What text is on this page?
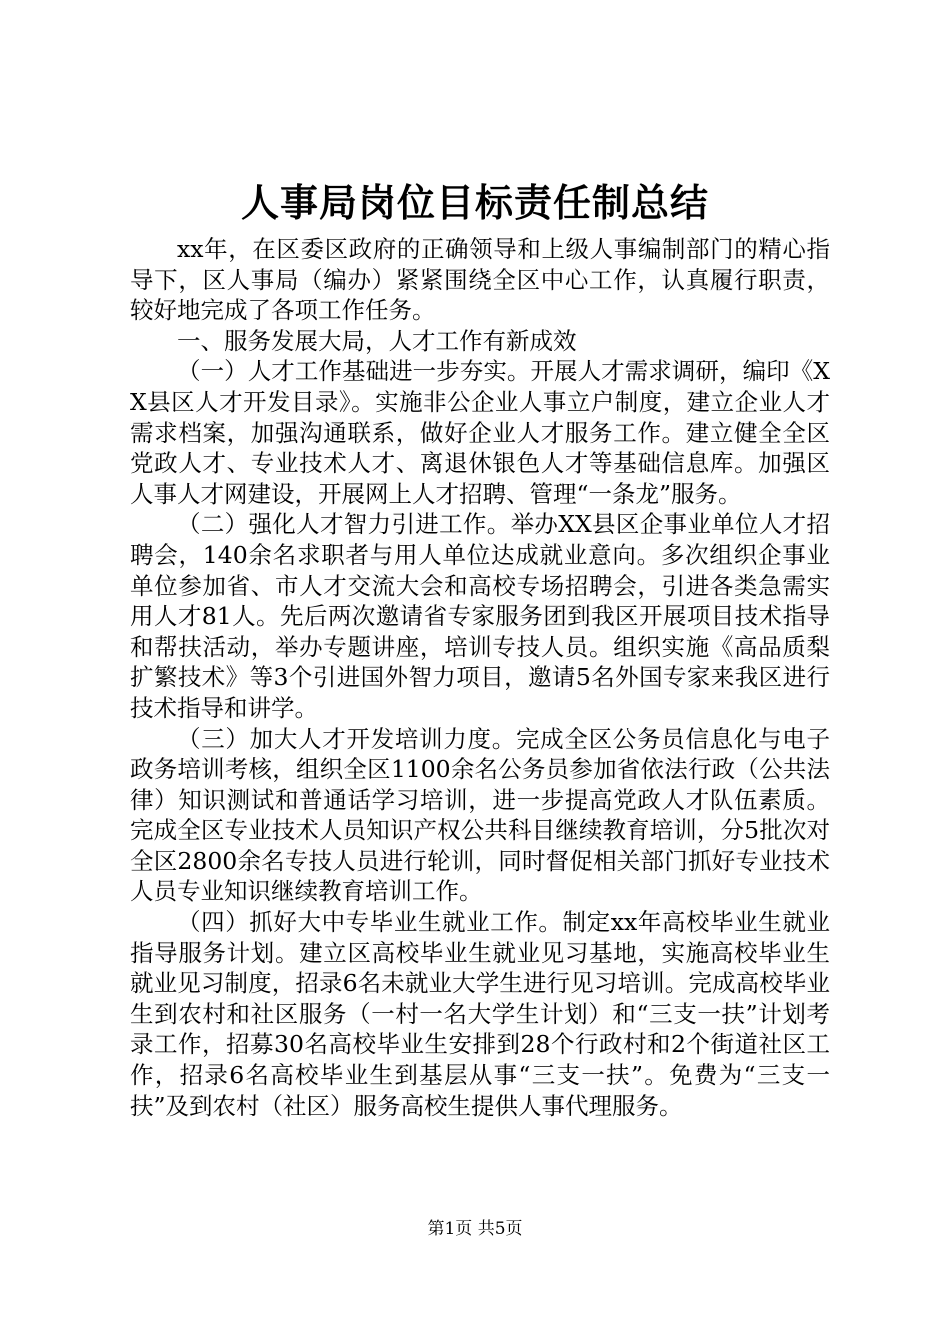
人事局岗位目标责任制总结

xx年，在区委区政府的正确领导和上级人事编制部门的精心指导下，区人事局（编办）紧紧围绕全区中心工作，认真履行职责，较好地完成了各项工作任务。

一、服务发展大局，人才工作有新成效

（一）人才工作基础进一步夯实。开展人才需求调研，编印《XX县区人才开发目录》。实施非公企业人事立户制度，建立企业人才需求档案，加强沟通联系，做好企业人才服务工作。建立健全全区党政人才、专业技术人才、离退休银色人才等基础信息库。加强区人事人才网建设，开展网上人才招聘、管理“一条龙”服务。

（二）强化人才智力引进工作。举办XX县区企事业单位人才招聘会，140余名求职者与用人单位达成就业意向。多次组织企事业单位参加省、市人才交流大会和高校专场招聘会，引进各类急需实用人才81人。先后两次邀请省专家服务团到我区开展项目技术指导和帮扶活动，举办专题讲座，培训专技人员。组织实施《高品质梨扩繁技术》等3个引进国外智力项目，邀请5名外国专家来我区进行技术指导和讲学。

（三）加大人才开发培训力度。完成全区公务员信息化与电子政务培训考核，组织全区1100余名公务员参加省依法行政（公共法律）知识测试和普通话学习培训，进一步提高党政人才队伍素质。完成全区专业技术人员知识产权公共科目继续教育培训，分5批次对全区2800余名专技人员进行轮训，同时督促相关部门抓好专业技术人员专业知识继续教育培训工作。

（四）抓好大中专毕业生就业工作。制定xx年高校毕业生就业指导服务计划。建立区高校毕业生就业见习基地，实施高校毕业生就业见习制度，招录6名未就业大学生进行见习培训。完成高校毕业生到农村和社区服务（一村一名大学生计划）和“三支一扶”计划考录工作，招募30名高校毕业生安排到28个行政村和2个街道社区工作，招录6名高校毕业生到基层从事“三支一扶”。免费为“三支一扶”及到农村（社区）服务高校生提供人事代理服务。

第1页 共5页
